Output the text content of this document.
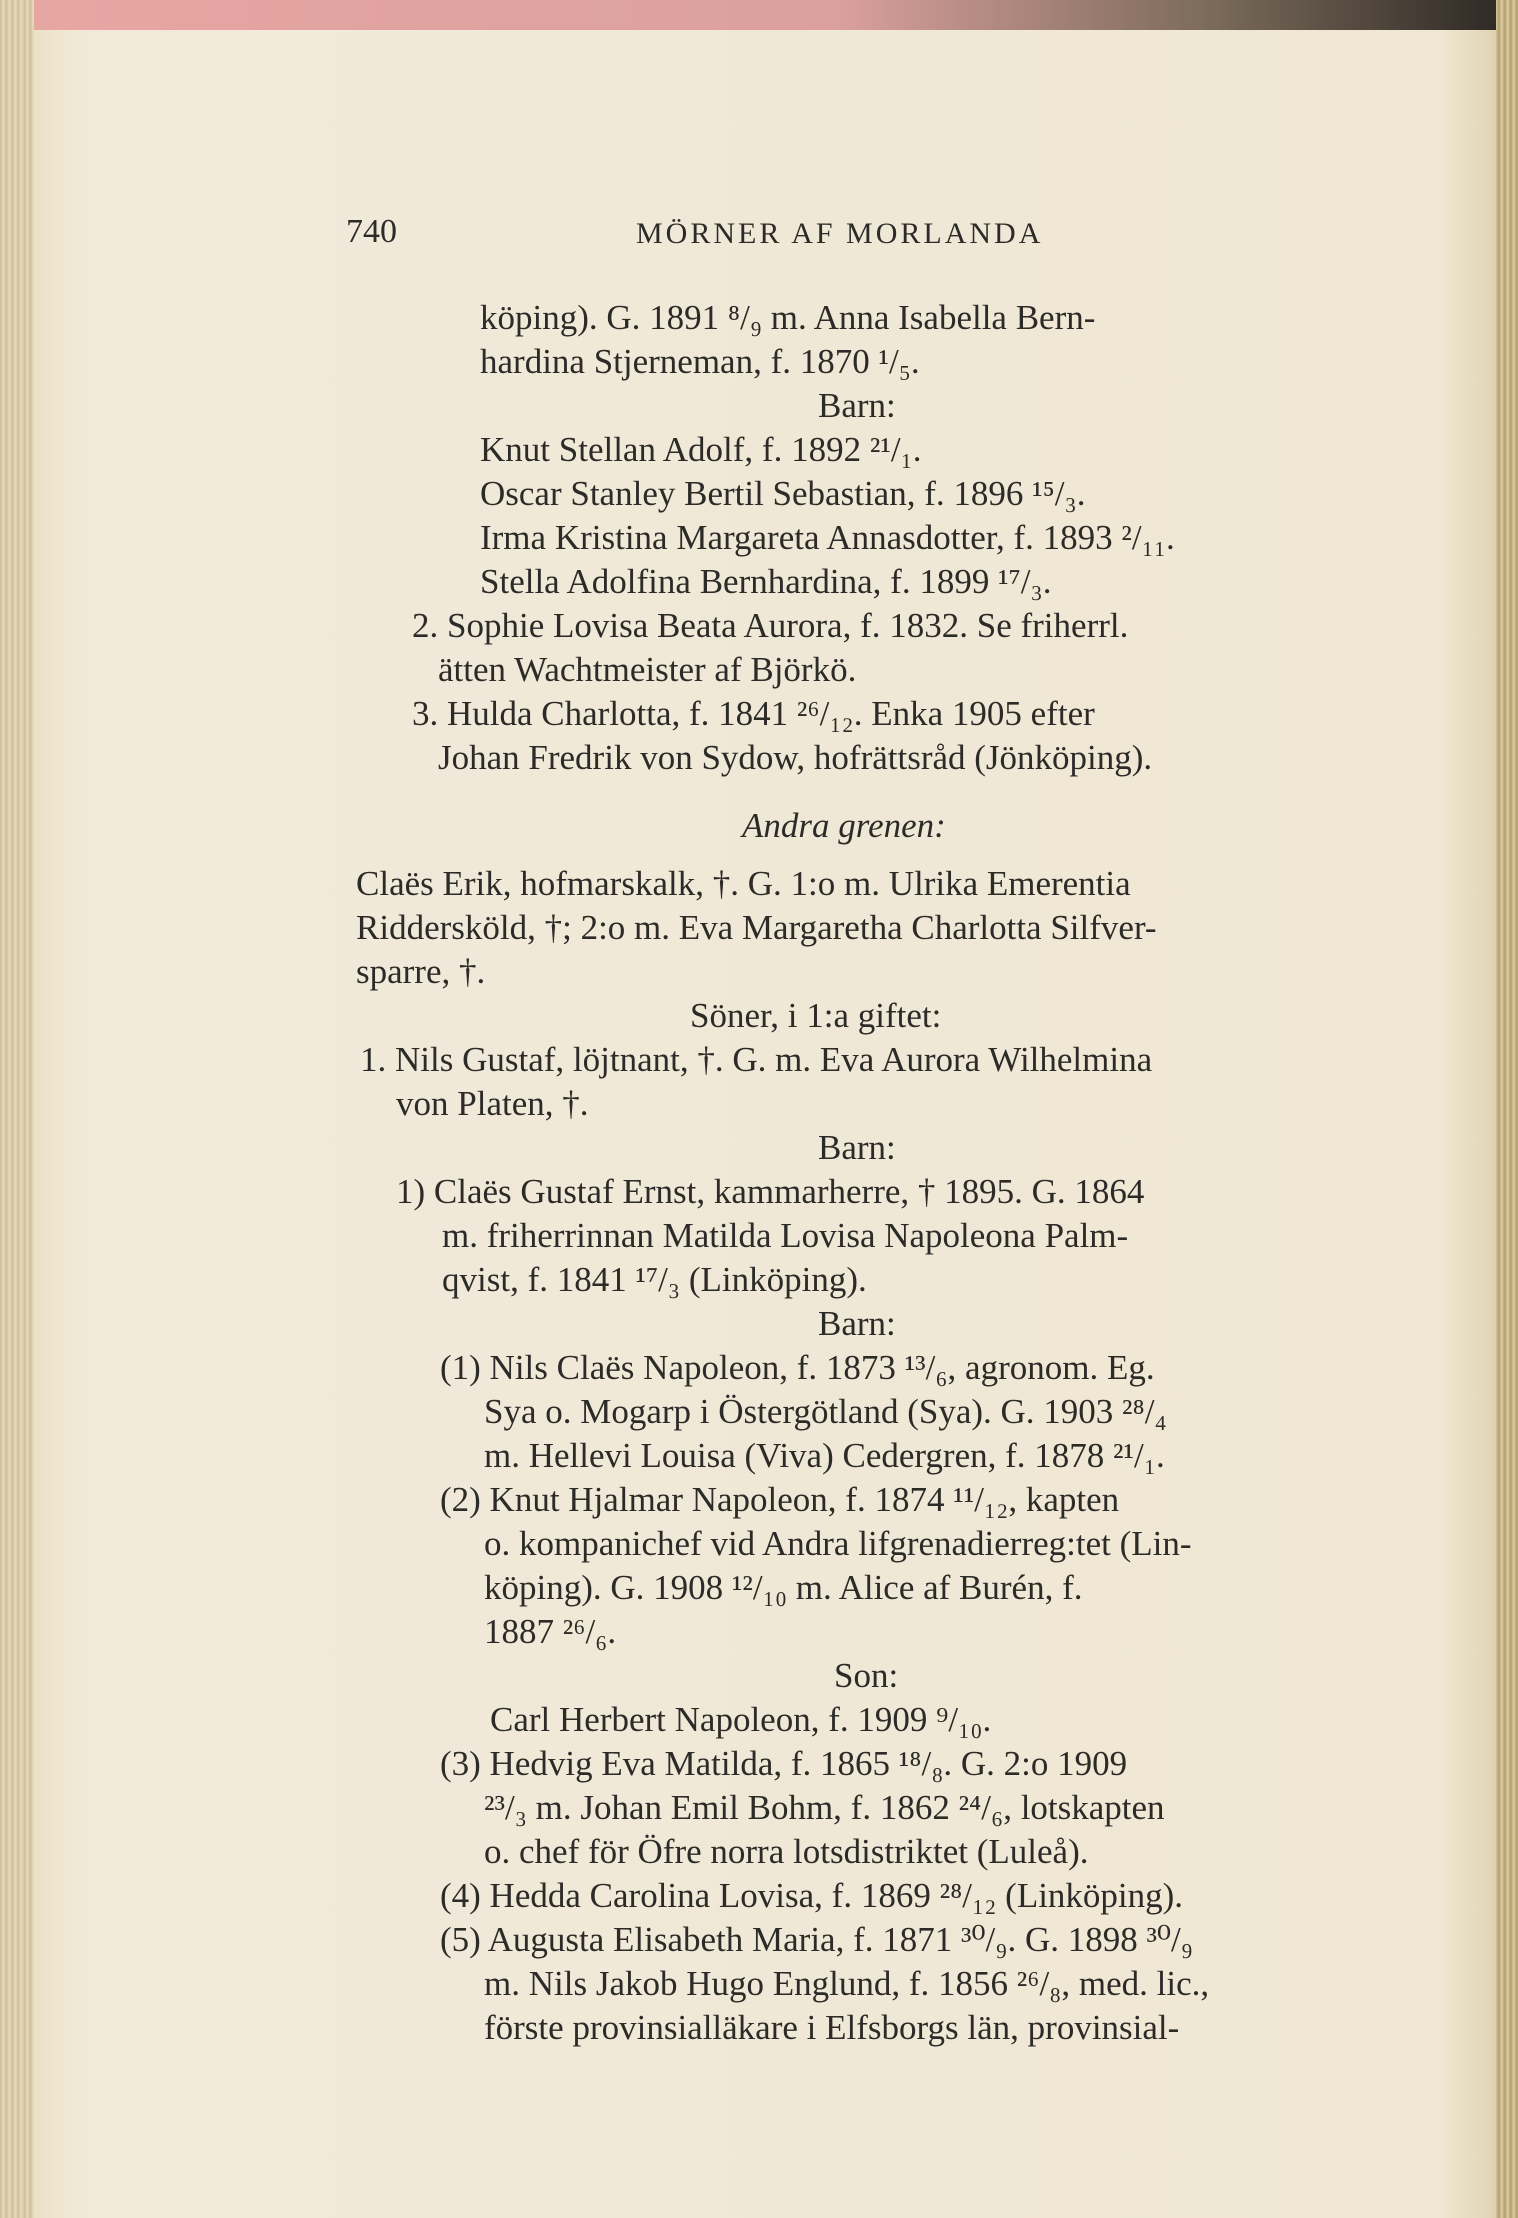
740	MÖRNER AF MORLANDA
köping). G. 1891 ⁸/₉ m. Anna Isabella Bern-
hardina Stjerneman, f. 1870 ¹/₅.
Barn:
Knut Stellan Adolf, f. 1892 ²¹/₁.
Oscar Stanley Bertil Sebastian, f. 1896 ¹⁵/₃.
Irma Kristina Margareta Annasdotter, f. 1893 ²/₁₁.
Stella Adolfina Bernhardina, f. 1899 ¹⁷/₃.
2. Sophie Lovisa Beata Aurora, f. 1832. Se friherrl.
ätten Wachtmeister af Björkö.
3. Hulda Charlotta, f. 1841 ²⁶/₁₂. Enka 1905 efter
Johan Fredrik von Sydow, hofrättsråd (Jönköping).
Andra grenen:
Claës Erik, hofmarskalk, †. G. 1:o m. Ulrika Emerentia
Riddersköld, †; 2:o m. Eva Margaretha Charlotta Silfver-
sparre, †.
Söner, i 1:a giftet:
1. Nils Gustaf, löjtnant, †. G. m. Eva Aurora Wilhelmina
von Platen, †.
Barn:
1) Claës Gustaf Ernst, kammarherre, † 1895. G. 1864
m. friherrinnan Matilda Lovisa Napoleona Palm-
qvist, f. 1841 ¹⁷/₃ (Linköping).
Barn:
(1) Nils Claës Napoleon, f. 1873 ¹³/₆, agronom. Eg.
Sya o. Mogarp i Östergötland (Sya). G. 1903 ²⁸/₄
m. Hellevi Louisa (Viva) Cedergren, f. 1878 ²¹/₁.
(2) Knut Hjalmar Napoleon, f. 1874 ¹¹/₁₂, kapten
o. kompanichef vid Andra lifgrenadierreg:tet (Lin-
köping). G. 1908 ¹²/₁₀ m. Alice af Burén, f.
1887 ²⁶/₆.
Son:
Carl Herbert Napoleon, f. 1909 ⁹/₁₀.
(3) Hedvig Eva Matilda, f. 1865 ¹⁸/₈. G. 2:o 1909
²³/₃ m. Johan Emil Bohm, f. 1862 ²⁴/₆, lotskapten
o. chef för Öfre norra lotsdistriktet (Luleå).
(4) Hedda Carolina Lovisa, f. 1869 ²⁸/₁₂ (Linköping).
(5) Augusta Elisabeth Maria, f. 1871 ³⁰/₉. G. 1898 ³⁰/₉
m. Nils Jakob Hugo Englund, f. 1856 ²⁶/₈, med. lic.,
förste provinsialläkare i Elfsborgs län, provinsial-
